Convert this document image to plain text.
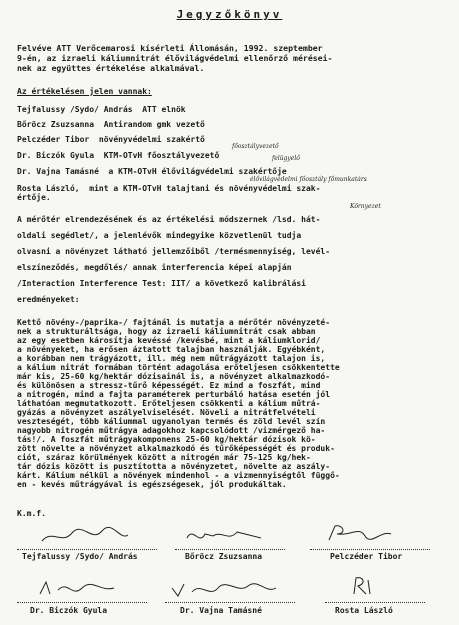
Jegyzőkönyv
Felvéve ATT Verőcemarosi kísérleti Állomásán, 1992. szeptember
9-én, az izraeli káliumnitrát élővilágvédelmi ellenőrző mérései-
nek az együttes értékelése alkalmával.
Az értékelésen jelen vannak:
Tejfalussy /Sydo/ András  ATT elnök
Bőröcz Zsuzsanna  Antirandom gmk vezető
Pelczéder Tibor  növényvédelmi szakértő
Dr. Biczók Gyula  KTM-OTvH főosztályvezető
Dr. Vajna Tamásné  a KTM-OTvH élővilágvédelmi szakértője
Rosta László,  mint a KTM-OTvH talajtani és növényvédelmi szak-
értője.
főosztályvezető
felügyelő
élővilágvédelmi főosztály főmunkatárs
Környezet
A mérőtér elrendezésének és az értékelési módszernek /lsd. hát-
oldali segédlet/, a jelenlévők mindegyike közvetlenül tudja
olvasni a növényzet látható jellemzőiből /termésmennyiség, levél-
elszíneződés, megdőlés/ annak interferencia képei alapján
/Interaction Interference Test: IIT/ a következő kalibrálási
eredményeket:
Kettő növény-/paprika-/ fajtánál is mutatja a mérőtér növényzeté-
nek a strukturáltsága, hogy az izraeli káliumnitrát csak abban
az egy esetben károsítja kevéssé /kevésbé, mint a káliumklorid/
a növényeket, ha erősen áztatott talajban használják. Egyébként,
a korábban nem trágyázott, ill. még nem műtrágyázott talajon is,
a kálium nitrát formában történt adagolása erőteljesen csökkentette
már kis, 25-60 kg/hektár dózisainál is, a növényzet alkalmazkodó-
és különösen a stressz-tűrő képességét. Ez mind a foszfát, mind
a nitrogén, mind a fajta paraméterek perturbáló hatása esetén jól
láthatóan megmutatkozott. Erőteljesen csökkenti a kálium műtrá-
gyázás a növényzet aszályelviselését. Növeli a nitrátfelvételi
veszteségét, több káliummal ugyanolyan termés és zöld levél szín
nagyobb nitrogén műtrágya adagokhoz kapcsolódott /vizmérgező ha-
tás!/. A foszfát műtrágyakomponens 25-60 kg/hektár dózisok kö-
zött növelte a növényzet alkalmazkodó és tűrőképességét és produk-
ciót, száraz körülmények között a nitrogén már 75-125 kg/hek-
tár dózis között is pusztította a növényzetet, növelte az aszály-
kárt. Kálium nélkül a növények mindenhol - a vizmennyiségtől függő-
en - kevés műtrágyával is egészségesek, jól produkáltak.
K.m.f.
Tejfalussy /Sydo/ András	Bőröcz Zsuzsanna	Pelczéder Tibor
Dr. Biczók Gyula	Dr. Vajna Tamásné	Rosta László
